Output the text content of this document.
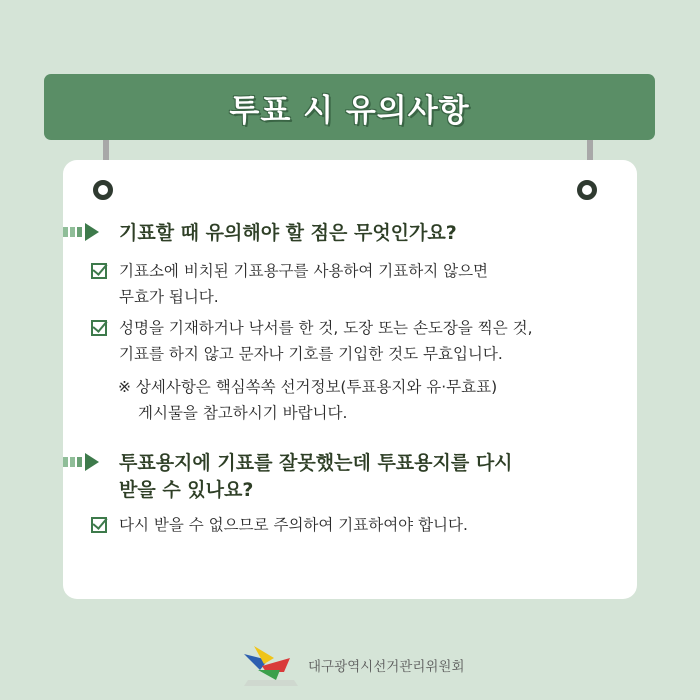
투표 시 유의사항
기표할 때 유의해야 할 점은 무엇인가요?
기표소에 비치된 기표용구를 사용하여 기표하지 않으면
무효가 됩니다.
성명을 기재하거나 낙서를 한 것, 도장 또는 손도장을 찍은 것,
기표를 하지 않고 문자나 기호를 기입한 것도 무효입니다.
※ 상세사항은 핵심쏙쏙 선거정보(투표용지와 유·무효표)
게시물을 참고하시기 바랍니다.
투표용지에 기표를 잘못했는데 투표용지를 다시
받을 수 있나요?
다시 받을 수 없으므로 주의하여 기표하여야 합니다.
대구광역시선거관리위원회
